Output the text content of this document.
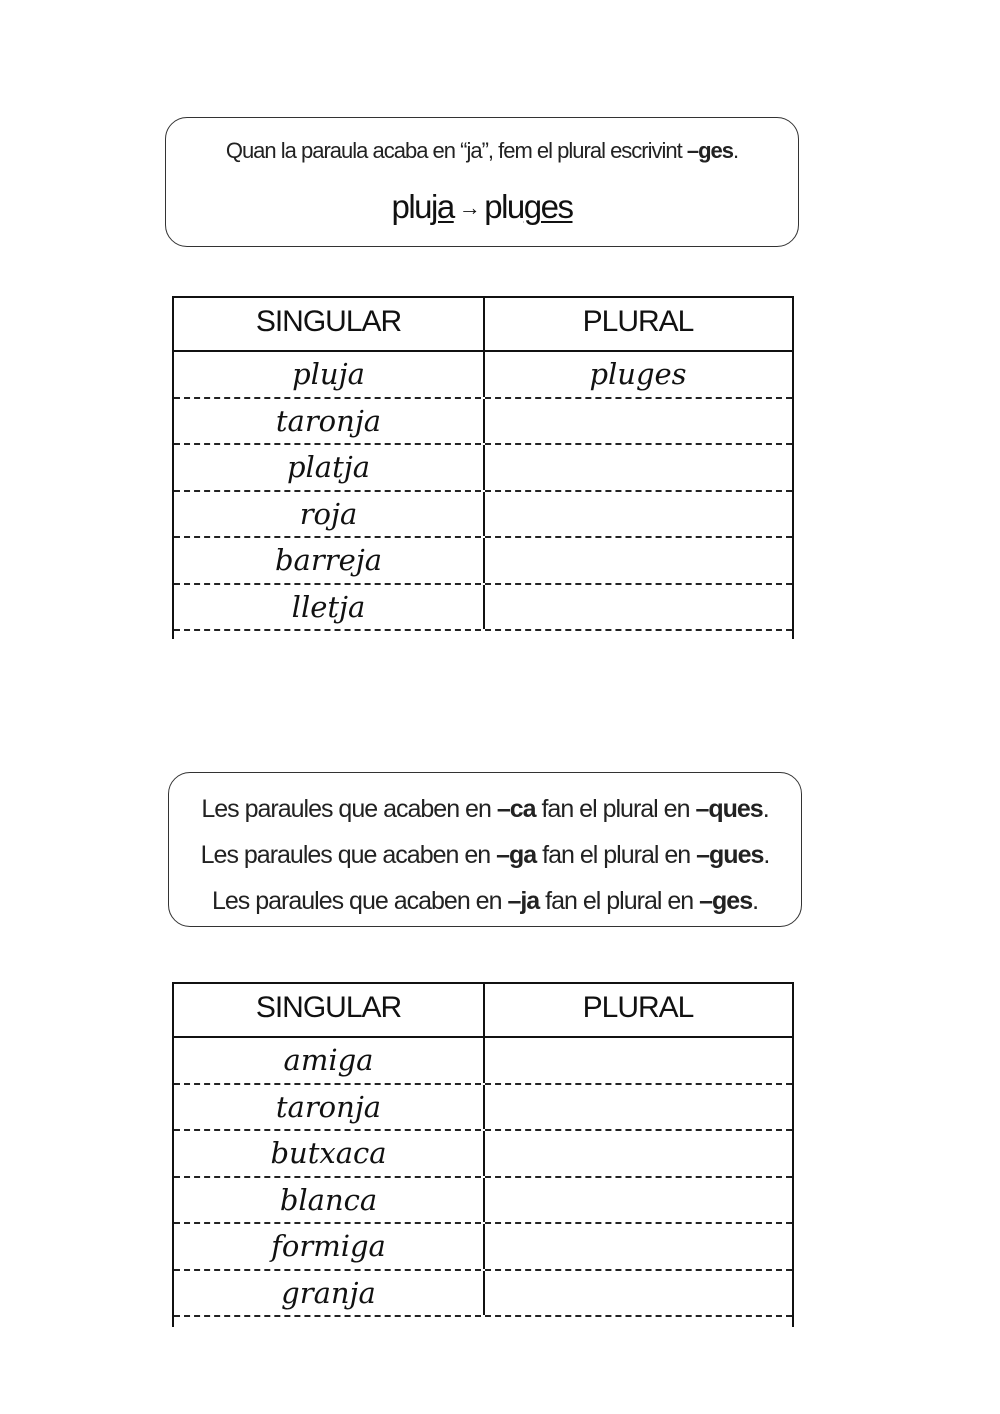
Quan la paraula acaba en “ja”, fem el plural escrivint –ges.
pluja → pluges
SINGULAR	PLURAL
pluja	pluges
taronja
platja
roja
barreja
lletja
Les paraules que acaben en –ca fan el plural en –ques.
Les paraules que acaben en –ga fan el plural en –gues.
Les paraules que acaben en –ja fan el plural en –ges.
SINGULAR	PLURAL
amiga
taronja
butxaca
blanca
formiga
granja
